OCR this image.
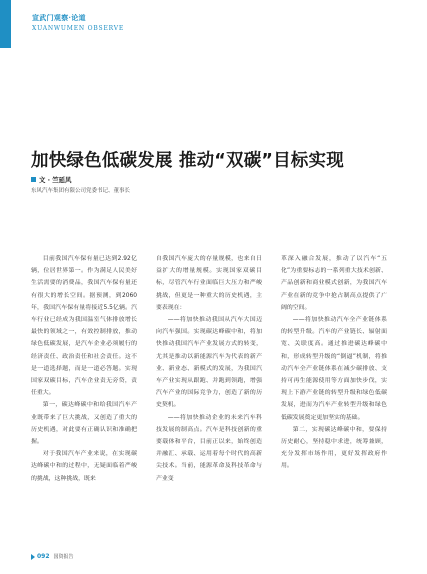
宣武门观察·论道
XUANWUMEN OBSERVE
加快绿色低碳发展 推动“双碳”目标实现
文 · 竺延风
东风汽车集团有限公司党委书记、董事长

目前我国汽车保有量已达到2.92亿辆，位居世界第一。作为满足人民美好生活需要的消费品，我国汽车保有量还有很大的增长空间。据预测，到2060年，我国汽车保有量将接近5.5亿辆。汽车行业已经成为我国温室气体排放增长最快的领域之一，有效控制排放，推动绿色低碳发展，是汽车企业必须履行的经济责任、政治责任和社会责任。这不是一道选择题，而是一道必答题。实现国家双碳目标，汽车企业责无旁贷，责任重大。

第一，碳达峰碳中和给我国汽车产业既带来了巨大挑战，又创造了重大的历史机遇，对此要有正确认识和准确把握。

对于我国汽车产业来说，在实现碳达峰碳中和的过程中，无疑面临着严峻的挑战，这种挑战，既来

自我国汽车庞大的存量规模，也来自日益扩大的增量规模。实现国家双碳目标，尽管汽车行业面临巨大压力和严峻挑战，但更是一种重大的历史机遇，主要表现在：

——将加快推动我国从汽车大国迈向汽车强国。实现碳达峰碳中和，将加快推动我国汽车产业发展方式的转变，尤其是推动以新能源汽车为代表的新产业、新业态、新模式的发展，为我国汽车产业实现从跟跑、并跑到领跑，增强汽车产业的国际竞争力，创造了新的历史契机。

——将加快推动企业的未来汽车科技发展的制高点。汽车是科技创新的重要载体和平台，目前正以来，始终创造并融汇、承载、运用着每个时代的高新尖技术。当前，能源革命及科技革命与产业变

革深入融合发展，推动了以汽车“五化”为重要标志的一系列重大技术创新、产品创新和商业模式创新，为我国汽车产业在新的竞争中抢占制高点提供了广阔的空间。

——将加快推动汽车全产业链体系的转型升级。汽车的产业链长、辐射面宽、关联度高。通过推进碳达峰碳中和，形成转型升级的“倒逼”机制，将推动汽车全产业链体系在减少碳排放、支持可再生能源使用等方面加快步伐，实现上下游产业链的转型升级和绿色低碳发展，进而为汽车产业转型升级和绿色低碳发展奠定更加坚实的基础。

第二，实现碳达峰碳中和，要保持历史耐心，坚持稳中求进，统筹兼顾，充分发挥市场作用，更好发挥政府作用。

092 国资报告
